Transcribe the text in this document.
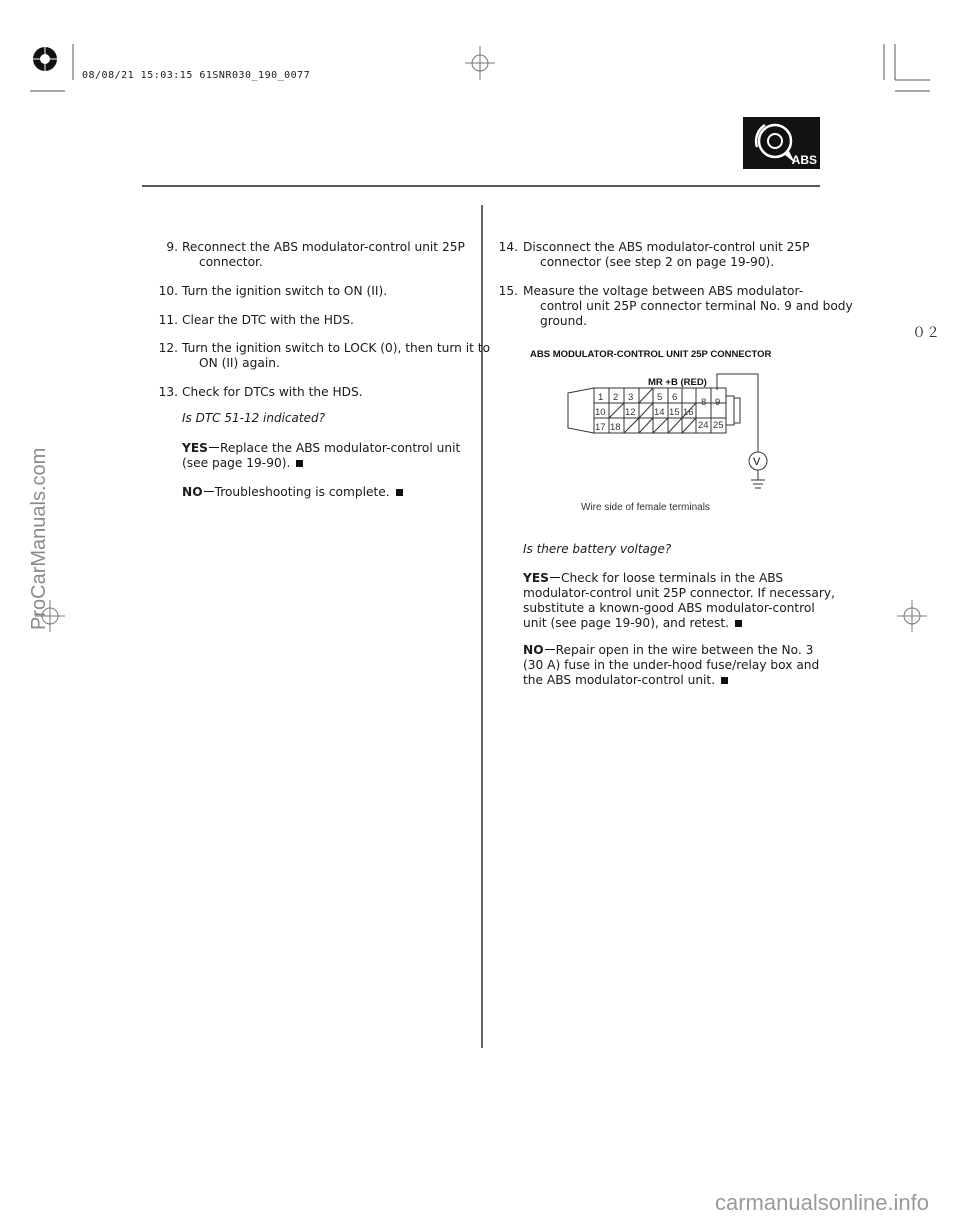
08/08/21 15:03:15 61SNR030_190_0077
ABS
０２
9. Reconnect the ABS modulator-control unit 25P
connector.
10. Turn the ignition switch to ON (II).
11. Clear the DTC with the HDS.
12. Turn the ignition switch to LOCK (0), then turn it to
ON (II) again.
13. Check for DTCs with the HDS.
Is DTC 51-12 indicated?
YES Replace the ABS modulator-control unit
(see page 19-90).
NO Troubleshooting is complete.
14. Disconnect the ABS modulator-control unit 25P
connector (see step 2 on page 19-90).
15. Measure the voltage between ABS modulator-
control unit 25P connector terminal No. 9 and body
ground.
ABS MODULATOR-CONTROL UNIT 25P CONNECTOR
MR +B (RED)
1 2 3 5 6 8 9
10 12 14 15 16
17 18	24 25
V
Wire side of female terminals
Is there battery voltage?
YES Check for loose terminals in the ABS
modulator-control unit 25P connector. If necessary,
substitute a known-good ABS modulator-control
unit (see page 19-90), and retest.
NO Repair open in the wire between the No. 3
(30 A) fuse in the under-hood fuse/relay box and
the ABS modulator-control unit.
ProCarManuals.com
carmanualsonline.info
